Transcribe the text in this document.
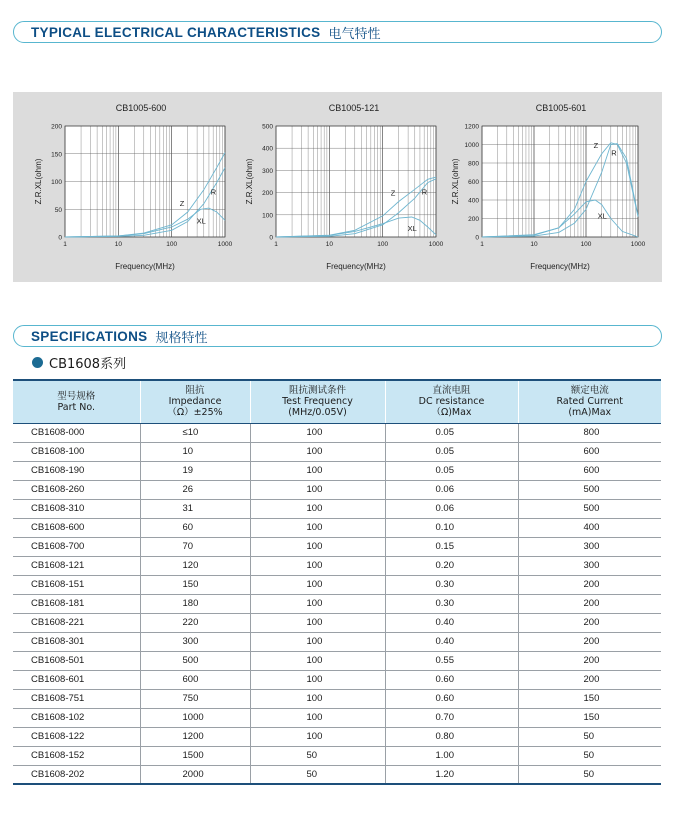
TYPICAL ELECTRICAL CHARACTERISTICS 电气特性
CB1005-600
0
50
100
150
200
1	10	100	1000
Frequency(MHz)
Z.R.XL(ohm)	Z
R
XL
CB1005-121
0
100
200
300
400
500
1	10	100	1000
Frequency(MHz)
Z.R.XL(ohm)	Z	R
XL
CB1005-601
0
200
400
600
800
1000
1200
1	10	100	1000
Frequency(MHz)
Z.R.XL(ohm)
Z
R
XL
SPECIFICATIONS 规格特性
CB1608系列
型号规格
Part No.	阻抗
Impedance
（Ω）±25%	阻抗测试条件
Test Frequency
(MHz/0.05V)	直流电阻
DC resistance
（Ω)Max	额定电流
Rated Current
(mA)Max

CB1608-000	≤10	100	0.05	800
CB1608-100	10	100	0.05	600
CB1608-190	19	100	0.05	600
CB1608-260	26	100	0.06	500
CB1608-310	31	100	0.06	500
CB1608-600	60	100	0.10	400
CB1608-700	70	100	0.15	300
CB1608-121	120	100	0.20	300
CB1608-151	150	100	0.30	200
CB1608-181	180	100	0.30	200
CB1608-221	220	100	0.40	200
CB1608-301	300	100	0.40	200
CB1608-501	500	100	0.55	200
CB1608-601	600	100	0.60	200
CB1608-751	750	100	0.60	150
CB1608-102	1000	100	0.70	150
CB1608-122	1200	100	0.80	50
CB1608-152	1500	50	1.00	50
CB1608-202	2000	50	1.20	50
